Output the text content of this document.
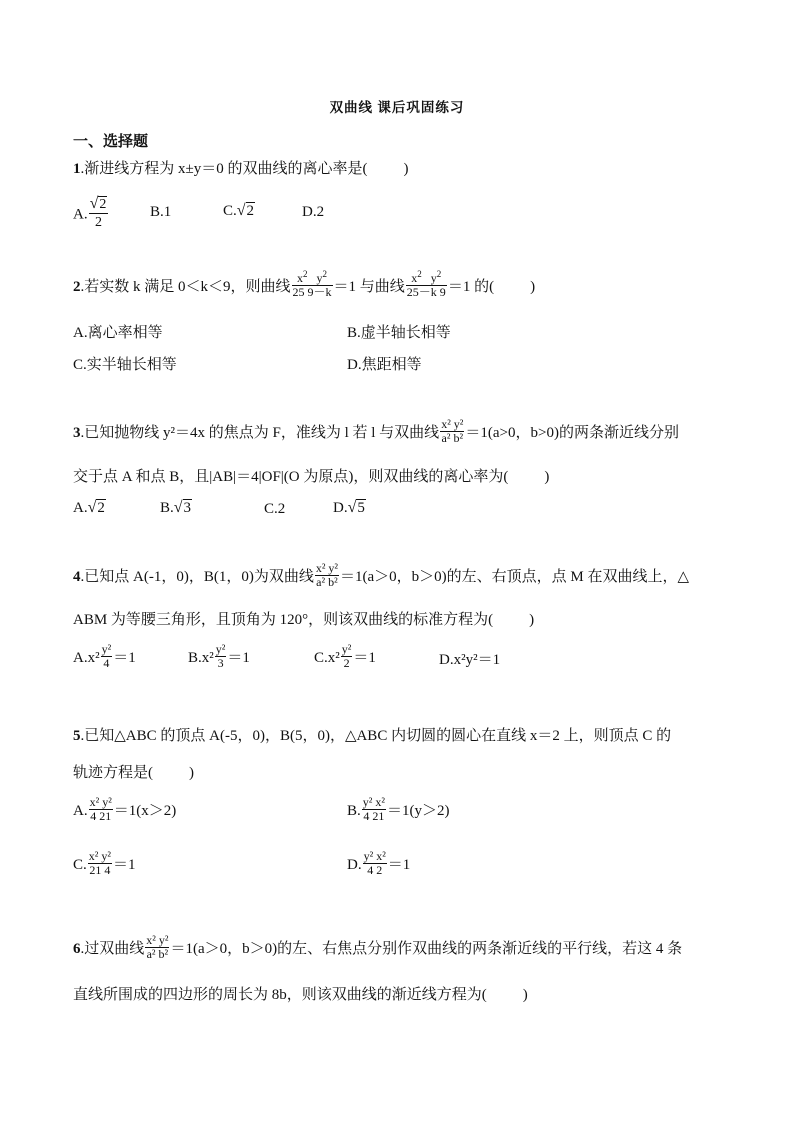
双曲线 课后巩固练习
一、选择题
1.渐进线方程为 x±y＝0 的双曲线的离心率是( )
A. $\frac{√2}{2}$	B.1	C.√2	D.2
2.若实数 k 满足 0＜k＜9，则曲线 $\frac{x^2 y^2}{25 9-k} =1$ 与曲线 $\frac{x^2 y^2}{25-k 9} =1$ 的( )
A.离心率相等	B.虚半轴长相等
C.实半轴长相等	D.焦距相等
3.已知抛物线 y²＝4x 的焦点为 F，准线为 l 若 l 与双曲线 $\frac{\text{x² y²}}{\text{a² b²}} =1(a>0$，b>0)的两条渐近线分别
交于点 A 和点 B，且|AB|＝4|OF|(O 为原点)，则双曲线的离心率为( )
A.√2	B.√3	C.2	D.√5
4.已知点 A(-1，0)，B(1，0)为双曲线 $\frac{\text{x² y²}}{\text{a² b²}} =1(a>0$，b＞0)的左、右顶点，点 M 在双曲线上，△
ABM 为等腰三角形，且顶角为 120°，则该双曲线的标准方程为( )
$A.x^2 \frac{\text{y²}}{4} =1$	$B.x^2 \frac{\text{y²}}{3} =1$	$C.x^2 \frac{\text{y²}}{2} =1$	D.x²y²＝1
5.已知△ABC 的顶点 A(-5，0)，B(5，0)，△ABC 内切圆的圆心在直线 x＝2 上，则顶点 C 的
轨迹方程是( )
A. $\frac{\text{x² y²}}{4 21} =1(x>2)$	B. $\frac{\text{y² x²}}{4 21} =1(y>2)$
C. $\frac{\text{x² y²}}{21 4} =1$	D. $\frac{\text{y² x²}}{4 2} =1$
6.过双曲线 $\frac{\text{x² y²}}{\text{a² b²}} =1(a>0$，b＞0)的左、右焦点分别作双曲线的两条渐近线的平行线，若这 4 条
直线所围成的四边形的周长为 8b，则该双曲线的渐近线方程为( )
